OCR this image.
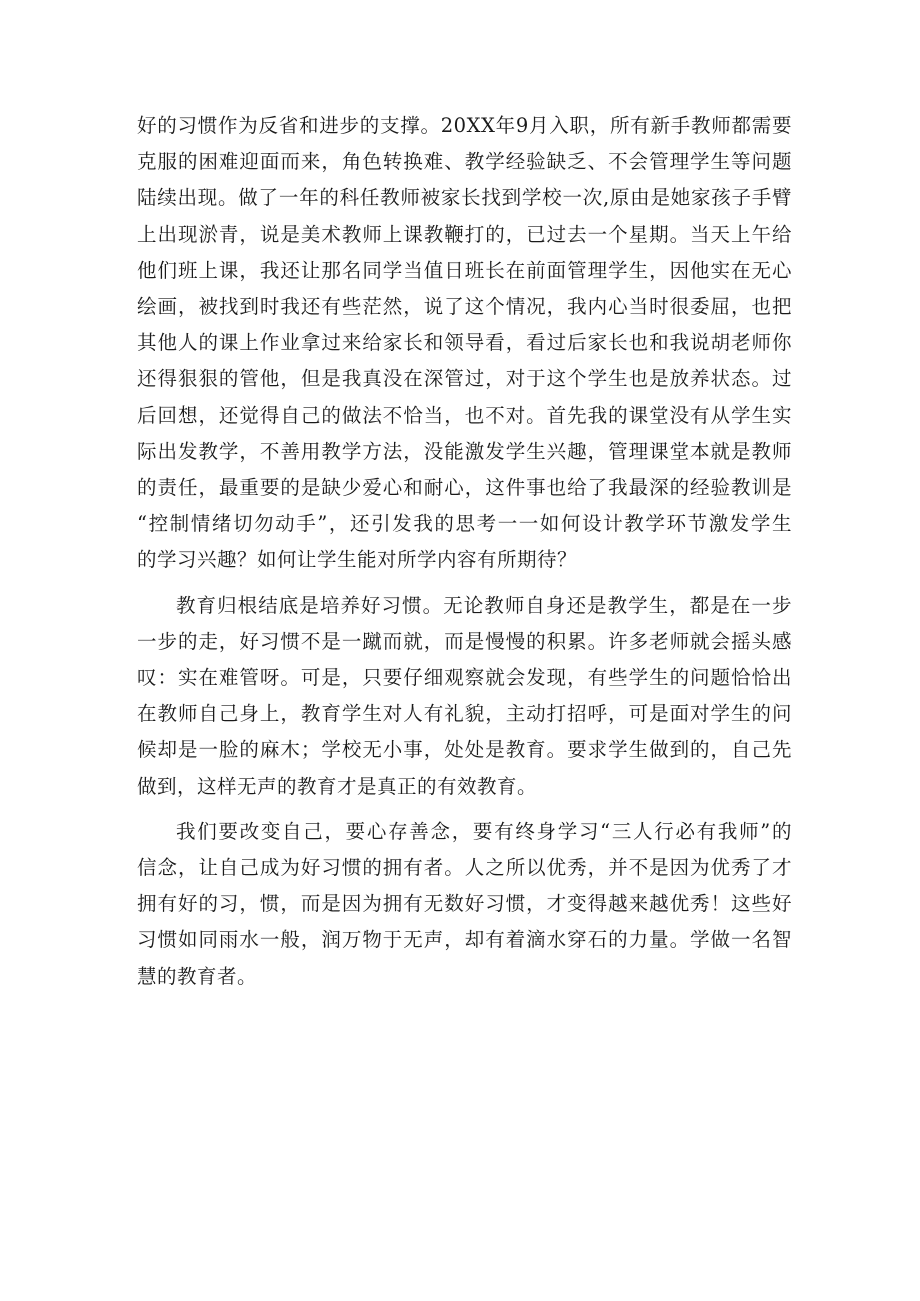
好的习惯作为反省和进步的支撑。20XX年9月入职，所有新手教师都需要
克服的困难迎面而来，角色转换难、教学经验缺乏、不会管理学生等问题
陆续出现。做了一年的科任教师被家长找到学校一次,原由是她家孩子手臂
上出现淤青，说是美术教师上课教鞭打的，已过去一个星期。当天上午给
他们班上课，我还让那名同学当值日班长在前面管理学生，因他实在无心
绘画，被找到时我还有些茫然，说了这个情况，我内心当时很委屈，也把
其他人的课上作业拿过来给家长和领导看，看过后家长也和我说胡老师你
还得狠狠的管他，但是我真没在深管过，对于这个学生也是放养状态。过
后回想，还觉得自己的做法不恰当，也不对。首先我的课堂没有从学生实
际出发教学，不善用教学方法，没能激发学生兴趣，管理课堂本就是教师
的责任，最重要的是缺少爱心和耐心，这件事也给了我最深的经验教训是
“控制情绪切勿动手”，还引发我的思考一一如何设计教学环节激发学生
的学习兴趣？如何让学生能对所学内容有所期待？
教育归根结底是培养好习惯。无论教师自身还是教学生，都是在一步
一步的走，好习惯不是一蹴而就，而是慢慢的积累。许多老师就会摇头感
叹：实在难管呀。可是，只要仔细观察就会发现，有些学生的问题恰恰出
在教师自己身上，教育学生对人有礼貌，主动打招呼，可是面对学生的问
候却是一脸的麻木；学校无小事，处处是教育。要求学生做到的，自己先
做到，这样无声的教育才是真正的有效教育。
我们要改变自己，要心存善念，要有终身学习“三人行必有我师”的
信念，让自己成为好习惯的拥有者。人之所以优秀，并不是因为优秀了才
拥有好的习，惯，而是因为拥有无数好习惯，才变得越来越优秀！这些好
习惯如同雨水一般，润万物于无声，却有着滴水穿石的力量。学做一名智
慧的教育者。
